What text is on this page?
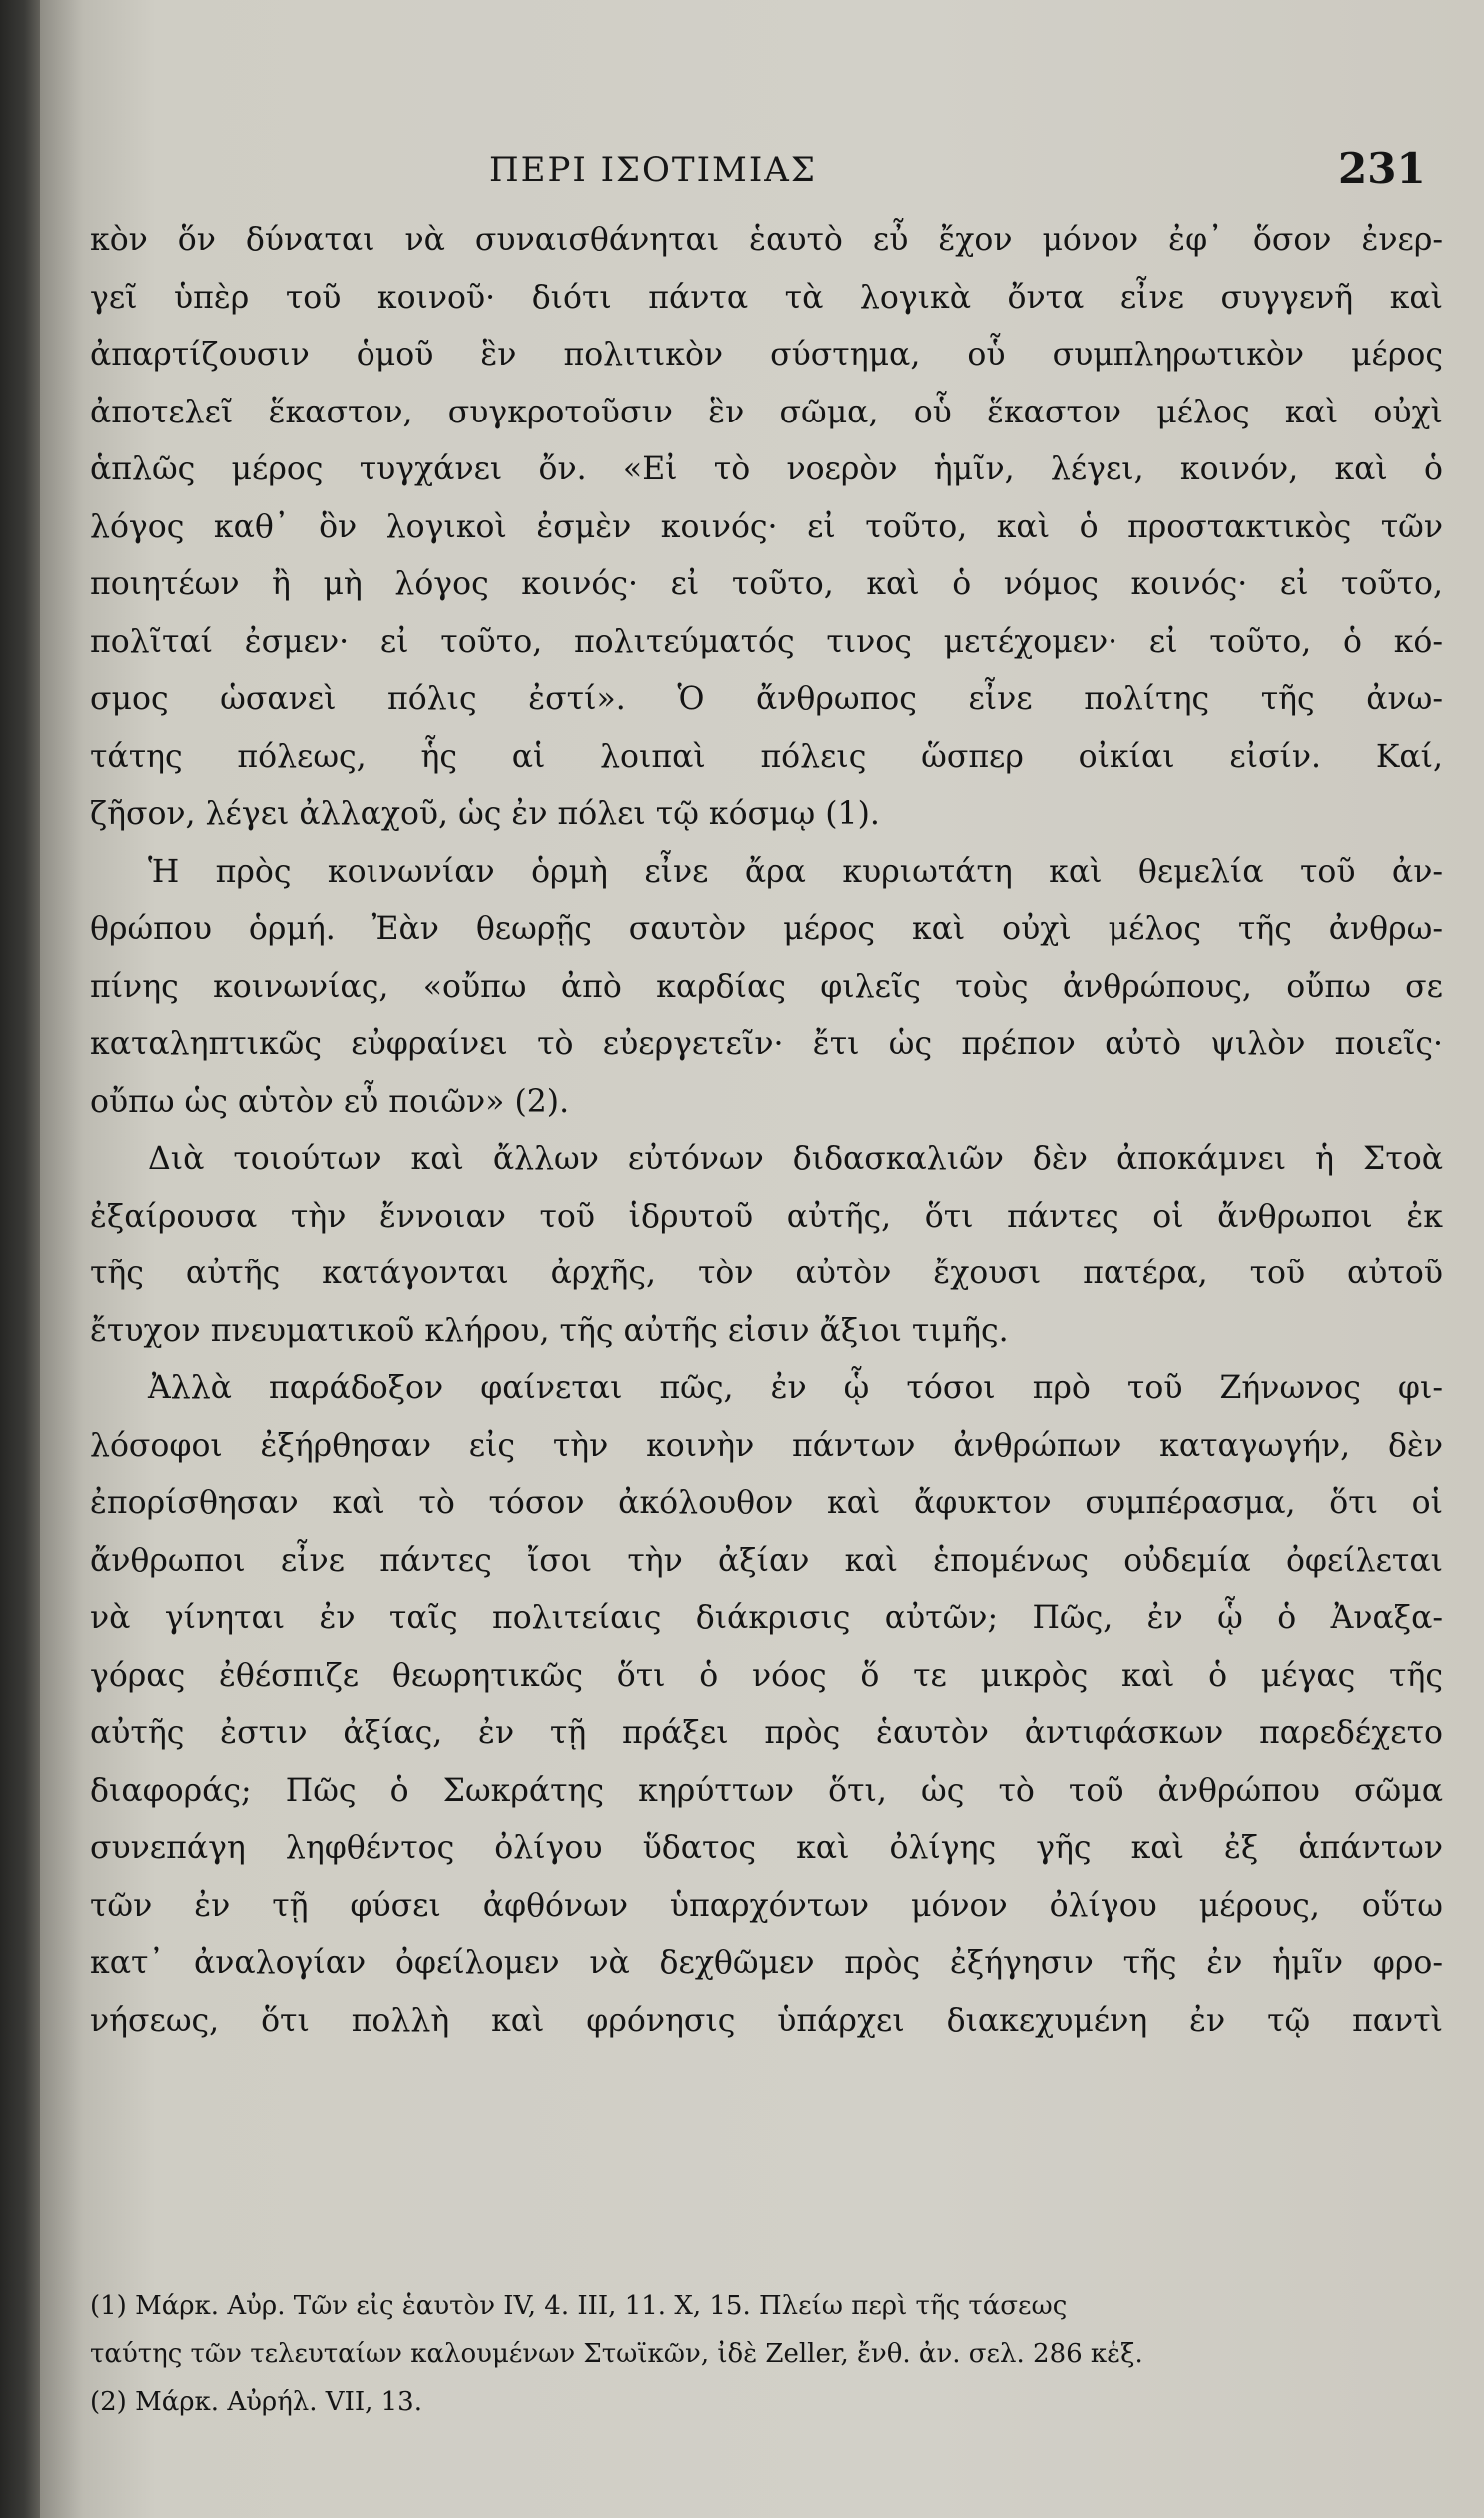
ΠΕΡΙ ΙΣΟΤΙΜΙΑΣ	231
κὸν ὅν δύναται νὰ συναισθάνηται ἑαυτὸ εὖ ἔχον μόνον ἐφ᾽ ὅσον ἐνερ-
γεῖ ὑπὲρ τοῦ κοινοῦ· διότι πάντα τὰ λογικὰ ὄντα εἶνε συγγενῆ καὶ
ἀπαρτίζουσιν ὁμοῦ ἓν πολιτικὸν σύστημα, οὗ συμπληρωτικὸν μέρος
ἀποτελεῖ ἕκαστον, συγκροτοῦσιν ἓν σῶμα, οὗ ἕκαστον μέλος καὶ οὐχὶ
ἁπλῶς μέρος τυγχάνει ὄν. «Εἰ τὸ νοερὸν ἡμῖν, λέγει, κοινόν, καὶ ὁ
λόγος καθ᾽ ὃν λογικοὶ ἐσμὲν κοινός· εἰ τοῦτο, καὶ ὁ προστακτικὸς τῶν
ποιητέων ἢ μὴ λόγος κοινός· εἰ τοῦτο, καὶ ὁ νόμος κοινός· εἰ τοῦτο,
πολῖταί ἐσμεν· εἰ τοῦτο, πολιτεύματός τινος μετέχομεν· εἰ τοῦτο, ὁ κό-
σμος ὡσανεὶ πόλις ἐστί». Ὁ ἄνθρωπος εἶνε πολίτης τῆς ἀνω-
τάτης πόλεως, ἧς αἱ λοιπαὶ πόλεις ὥσπερ οἰκίαι εἰσίν. Καί,
ζῆσον, λέγει ἀλλαχοῦ, ὡς ἐν πόλει τῷ κόσμῳ (1).
Ἡ πρὸς κοινωνίαν ὁρμὴ εἶνε ἄρα κυριωτάτη καὶ θεμελία τοῦ ἀν-
θρώπου ὁρμή. Ἐὰν θεωρῇς σαυτὸν μέρος καὶ οὐχὶ μέλος τῆς ἀνθρω-
πίνης κοινωνίας, «οὔπω ἀπὸ καρδίας φιλεῖς τοὺς ἀνθρώπους, οὔπω σε
καταληπτικῶς εὐφραίνει τὸ εὐεργετεῖν· ἔτι ὡς πρέπον αὐτὸ ψιλὸν ποιεῖς·
οὔπω ὡς αὑτὸν εὖ ποιῶν» (2).
Διὰ τοιούτων καὶ ἄλλων εὐτόνων διδασκαλιῶν δὲν ἀποκάμνει ἡ Στοὰ
ἐξαίρουσα τὴν ἔννοιαν τοῦ ἱδρυτοῦ αὐτῆς, ὅτι πάντες οἱ ἄνθρωποι ἐκ
τῆς αὐτῆς κατάγονται ἀρχῆς, τὸν αὐτὸν ἔχουσι πατέρα, τοῦ αὐτοῦ
ἔτυχον πνευματικοῦ κλήρου, τῆς αὐτῆς εἰσιν ἄξιοι τιμῆς.
Ἀλλὰ παράδοξον φαίνεται πῶς, ἐν ᾧ τόσοι πρὸ τοῦ Ζήνωνος φι-
λόσοφοι ἐξήρθησαν εἰς τὴν κοινὴν πάντων ἀνθρώπων καταγωγήν, δὲν
ἐπορίσθησαν καὶ τὸ τόσον ἀκόλουθον καὶ ἄφυκτον συμπέρασμα, ὅτι οἱ
ἄνθρωποι εἶνε πάντες ἴσοι τὴν ἀξίαν καὶ ἑπομένως οὐδεμία ὀφείλεται
νὰ γίνηται ἐν ταῖς πολιτείαις διάκρισις αὐτῶν; Πῶς, ἐν ᾧ ὁ Ἀναξα-
γόρας ἐθέσπιζε θεωρητικῶς ὅτι ὁ νόος ὅ τε μικρὸς καὶ ὁ μέγας τῆς
αὐτῆς ἐστιν ἀξίας, ἐν τῇ πράξει πρὸς ἑαυτὸν ἀντιφάσκων παρεδέχετο
διαφοράς; Πῶς ὁ Σωκράτης κηρύττων ὅτι, ὡς τὸ τοῦ ἀνθρώπου σῶμα
συνεπάγη ληφθέντος ὀλίγου ὕδατος καὶ ὀλίγης γῆς καὶ ἐξ ἁπάντων
τῶν ἐν τῇ φύσει ἀφθόνων ὑπαρχόντων μόνον ὀλίγου μέρους, οὕτω
κατ᾽ ἀναλογίαν ὀφείλομεν νὰ δεχθῶμεν πρὸς ἐξήγησιν τῆς ἐν ἡμῖν φρο-
νήσεως, ὅτι πολλὴ καὶ φρόνησις ὑπάρχει διακεχυμένη ἐν τῷ παντὶ
(1) Μάρκ. Αὐρ. Τῶν εἰς ἑαυτὸν IV, 4. III, 11. X, 15. Πλείω περὶ τῆς τάσεως
ταύτης τῶν τελευταίων καλουμένων Στωϊκῶν, ἰδὲ Zeller, ἔνθ. ἀν. σελ. 286 κἑξ.
(2) Μάρκ. Αὐρήλ. VII, 13.
